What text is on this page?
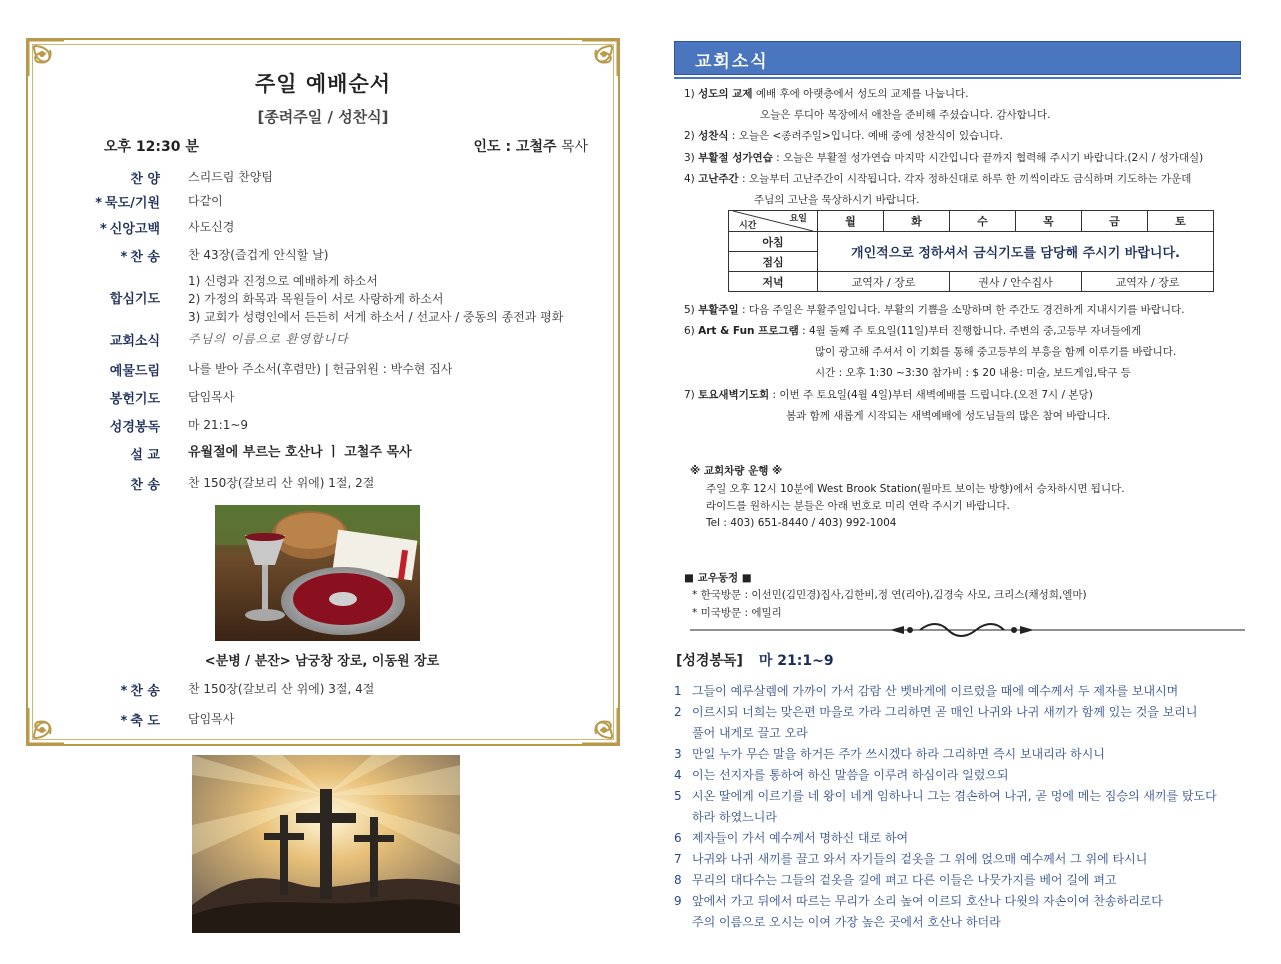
주일 예배순서
[종려주일 / 성찬식]
오후 12:30 분	인도 : 고철주 목사
찬 양	스리드림 찬양팀
* 묵도/기원	다같이
* 신앙고백	사도신경
* 찬 송	찬 43장(즐겁게 안식할 날)
합심기도
1) 신령과 진정으로 예배하게 하소서
2) 가정의 화목과 목원들이 서로 사랑하게 하소서
3) 교회가 성령인에서 든든히 서게 하소서 / 선교사 / 중동의 종전과 평화
교회소식	주님의 이름으로 환영합니다
예물드림	나를 받아 주소서(후렴만) | 헌금위원 : 박수현 집사
봉헌기도	담임목사
성경봉독	마 21:1~9
설 교	유월절에 부르는 호산나 ㅣ 고철주 목사
찬 송	찬 150장(갈보리 산 위에) 1절, 2절
<분병 / 분잔> 남궁창 장로, 이동원 장로
* 찬 송	찬 150장(갈보리 산 위에) 3절, 4절
* 축 도	담임목사
교회소식
1) 성도의 교제 예배 후에 아랫층에서 성도의 교제를 나눕니다.
오늘은 루디아 목장에서 애찬을 준비해 주셨습니다. 감사합니다.
2) 성찬식 : 오늘은 <종려주일>입니다. 예배 중에 성찬식이 있습니다.
3) 부활절 성가연습 : 오늘은 부활절 성가연습 마지막 시간입니다 끝까지 협력해 주시기 바랍니다.(2시 / 성가대실)
4) 고난주간 : 오늘부터 고난주간이 시작됩니다. 각자 정하신대로 하루 한 끼씩이라도 금식하며 기도하는 가운데
주님의 고난을 묵상하시기 바랍니다.
요일
시간	월	화	수	목	금	토
아침	개인적으로 정하셔서 금식기도를 담당해 주시기 바랍니다.					
점심						
저녁	교역자 / 장로		권사 / 안수집사		교역자 / 장로	
5) 부활주일 : 다음 주일은 부활주일입니다. 부활의 기쁨을 소망하며 한 주간도 경건하게 지내시기를 바랍니다.
6) Art & Fun 프로그램 : 4월 둘째 주 토요일(11일)부터 진행합니다. 주변의 중,고등부 자녀들에게
많이 광고해 주셔서 이 기회를 통해 중고등부의 부흥을 함께 이루기를 바랍니다.
시간 : 오후 1:30 ~3:30 참가비 : $ 20 내용: 미술, 보드게임,탁구 등
7) 토요새벽기도회 : 이번 주 토요일(4월 4일)부터 새벽예배를 드립니다.(오전 7시 / 본당)
봄과 함께 새롭게 시작되는 새벽예배에 성도님들의 많은 참여 바랍니다.
※ 교회차량 운행 ※
주일 오후 12시 10분에 West Brook Station(월마트 보이는 방향)에서 승차하시면 됩니다.
라이드를 원하시는 분들은 아래 번호로 미리 연락 주시기 바랍니다.
Tel : 403) 651-8440 / 403) 992-1004
■ 교우동정 ■
* 한국방문 : 이선민(김민경)집사,김한비,정 연(리아),김경숙 사모, 크리스(채성희,엘마)
* 미국방문 : 에밀리
[성경봉독] 마 21:1~9
1 그들이 예루살렘에 가까이 가서 감람 산 벳바게에 이르렀을 때에 예수께서 두 제자를 보내시며
2 이르시되 너희는 맞은편 마을로 가라 그리하면 곧 매인 나귀와 나귀 새끼가 함께 있는 것을 보리니
풀어 내게로 끌고 오라
3 만일 누가 무슨 말을 하거든 주가 쓰시겠다 하라 그리하면 즉시 보내리라 하시니
4 이는 선지자를 통하여 하신 말씀을 이루려 하심이라 일렀으되
5 시온 딸에게 이르기를 네 왕이 네게 임하나니 그는 겸손하여 나귀, 곧 멍에 메는 짐승의 새끼를 탔도다
하라 하였느니라
6 제자들이 가서 예수께서 명하신 대로 하여
7 나귀와 나귀 새끼를 끌고 와서 자기들의 겉옷을 그 위에 얹으매 예수께서 그 위에 타시니
8 무리의 대다수는 그들의 겉옷을 길에 펴고 다른 이들은 나뭇가지를 베어 길에 펴고
9 앞에서 가고 뒤에서 따르는 무리가 소리 높여 이르되 호산나 다윗의 자손이여 찬송하리로다
주의 이름으로 오시는 이여 가장 높은 곳에서 호산나 하더라
